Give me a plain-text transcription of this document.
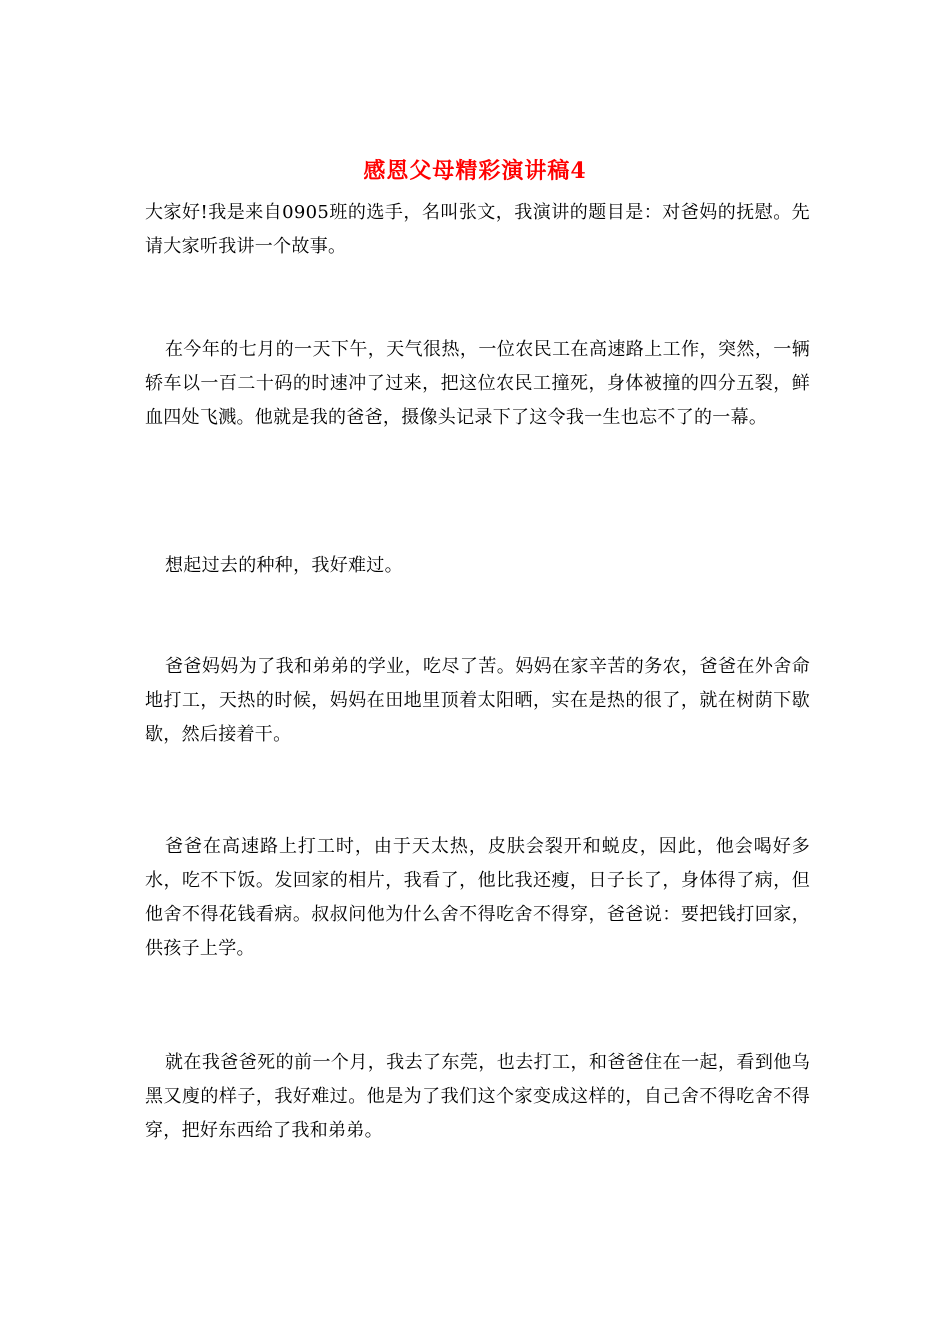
感恩父母精彩演讲稿4

大家好!我是来自0905班的选手，名叫张文，我演讲的题目是：对爸妈的抚慰。先请大家听我讲一个故事。

在今年的七月的一天下午，天气很热，一位农民工在高速路上工作，突然，一辆轿车以一百二十码的时速冲了过来，把这位农民工撞死，身体被撞的四分五裂，鲜血四处飞溅。他就是我的爸爸，摄像头记录下了这令我一生也忘不了的一幕。

想起过去的种种，我好难过。

爸爸妈妈为了我和弟弟的学业，吃尽了苦。妈妈在家辛苦的务农，爸爸在外舍命地打工，天热的时候，妈妈在田地里顶着太阳晒，实在是热的很了，就在树荫下歇歇，然后接着干。

爸爸在高速路上打工时，由于天太热，皮肤会裂开和蜕皮，因此，他会喝好多水，吃不下饭。发回家的相片，我看了，他比我还瘦，日子长了，身体得了病，但他舍不得花钱看病。叔叔问他为什么舍不得吃舍不得穿，爸爸说：要把钱打回家，供孩子上学。

就在我爸爸死的前一个月，我去了东莞，也去打工，和爸爸住在一起，看到他乌黑又廋的样子，我好难过。他是为了我们这个家变成这样的，自己舍不得吃舍不得穿，把好东西给了我和弟弟。
